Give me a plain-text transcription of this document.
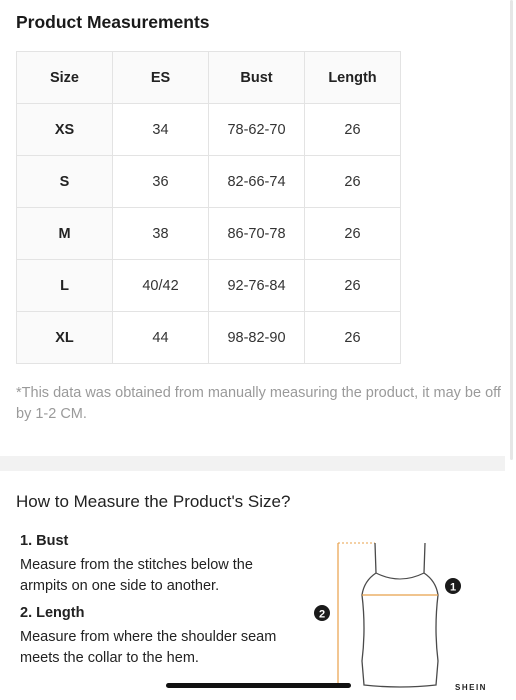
Product Measurements
Size	ES	Bust	Length
XS	34	78-62-70	26
S	36	82-66-74	26
M	38	86-70-78	26
L	40/42	92-76-84	26
XL	44	98-82-90	26

*This data was obtained from manually measuring the product, it may be off by 1-2 CM.

How to Measure the Product's Size?
1. Bust

Measure from the stitches below the armpits on one side to another.

2. Length

Measure from where the shoulder seam meets the collar to the hem.

1
2
SHEIN
